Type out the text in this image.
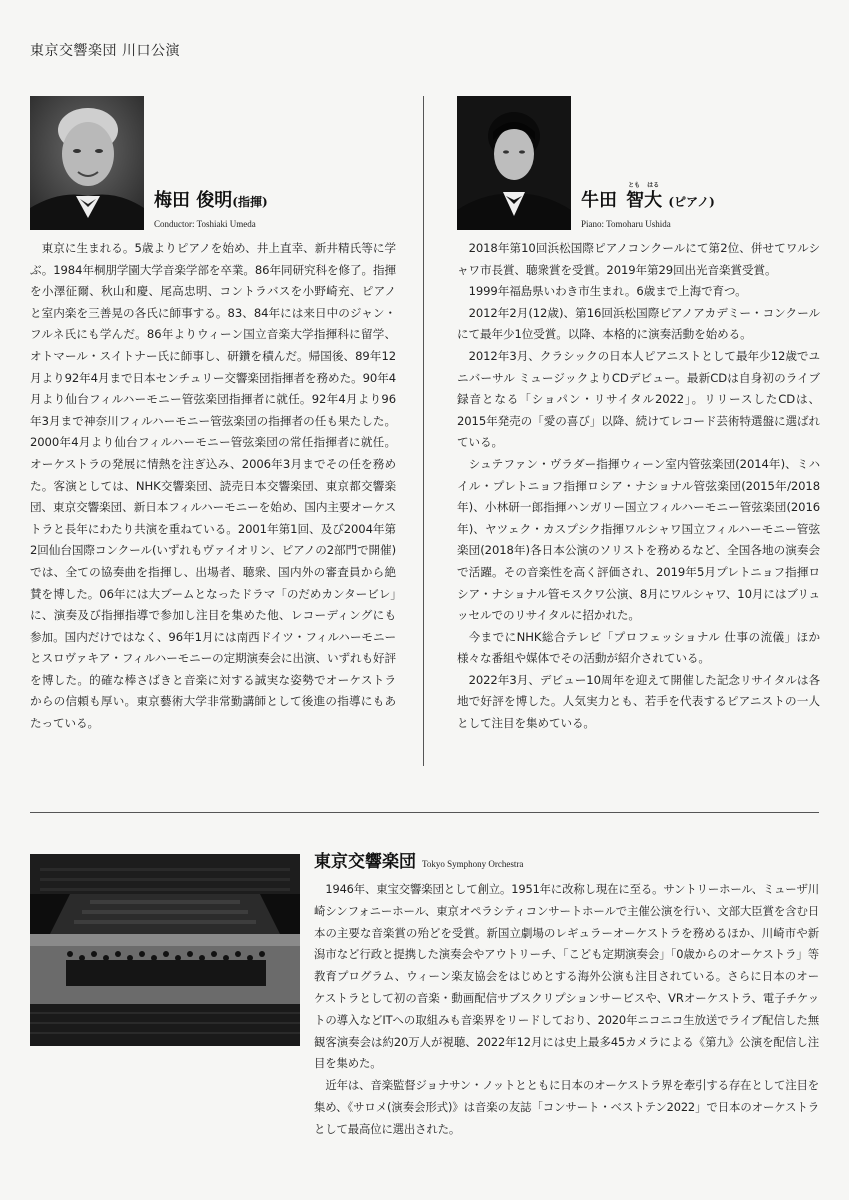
東京交響楽団 川口公演
梅田 俊明(指揮)
Conductor: Toshiaki Umeda

東京に生まれる。5歳よりピアノを始め、井上直幸、新井精氏等に学ぶ。1984年桐朋学園大学音楽学部を卒業。86年同研究科を修了。指揮を小澤征爾、秋山和慶、尾高忠明、コントラバスを小野崎充、ピアノと室内楽を三善晃の各氏に師事する。83、84年には来日中のジャン・フルネ氏にも学んだ。86年よりウィーン国立音楽大学指揮科に留学、オトマール・スイトナー氏に師事し、研鑽を積んだ。帰国後、89年12月より92年4月まで日本センチュリー交響楽団指揮者を務めた。90年4月より仙台フィルハーモニー管弦楽団指揮者に就任。92年4月より96年3月まで神奈川フィルハーモニー管弦楽団の指揮者の任も果たした。2000年4月より仙台フィルハーモニー管弦楽団の常任指揮者に就任。オーケストラの発展に情熱を注ぎ込み、2006年3月までその任を務めた。客演としては、NHK交響楽団、読売日本交響楽団、東京都交響楽団、東京交響楽団、新日本フィルハーモニーを始め、国内主要オーケストラと長年にわたり共演を重ねている。2001年第1回、及び2004年第2回仙台国際コンクール(いずれもヴァイオリン、ピアノの2部門で開催)では、全ての協奏曲を指揮し、出場者、聴衆、国内外の審査員から絶賛を博した。06年には大ブームとなったドラマ「のだめカンタービレ」に、演奏及び指揮指導で参加し注目を集めた他、レコーディングにも参加。国内だけではなく、96年1月には南西ドイツ・フィルハーモニーとスロヴァキア・フィルハーモニーの定期演奏会に出演、いずれも好評を博した。的確な棒さばきと音楽に対する誠実な姿勢でオーケストラからの信頼も厚い。東京藝術大学非常勤講師として後進の指導にもあたっている。

牛田
とも はる
智大 (ピアノ)
Piano: Tomoharu Ushida

2018年第10回浜松国際ピアノコンクールにて第2位、併せてワルシャワ市長賞、聴衆賞を受賞。2019年第29回出光音楽賞受賞。

1999年福島県いわき市生まれ。6歳まで上海で育つ。

2012年2月(12歳)、第16回浜松国際ピアノアカデミー・コンクールにて最年少1位受賞。以降、本格的に演奏活動を始める。

2012年3月、クラシックの日本人ピアニストとして最年少12歳でユニバーサル ミュージックよりCDデビュー。最新CDは自身初のライブ録音となる「ショパン・リサイタル2022」。リリースしたCDは、2015年発売の「愛の喜び」以降、続けてレコード芸術特選盤に選ばれている。

シュテファン・ヴラダー指揮ウィーン室内管弦楽団(2014年)、ミハイル・プレトニョフ指揮ロシア・ナショナル管弦楽団(2015年/2018年)、小林研一郎指揮ハンガリー国立フィルハーモニー管弦楽団(2016年)、ヤツェク・カスプシク指揮ワルシャワ国立フィルハーモニー管弦楽団(2018年)各日本公演のソリストを務めるなど、全国各地の演奏会で活躍。その音楽性を高く評価され、2019年5月プレトニョフ指揮ロシア・ナショナル管モスクワ公演、8月にワルシャワ、10月にはブリュッセルでのリサイタルに招かれた。

今までにNHK総合テレビ「プロフェッショナル 仕事の流儀」ほか様々な番組や媒体でその活動が紹介されている。

2022年3月、デビュー10周年を迎えて開催した記念リサイタルは各地で好評を博した。人気実力とも、若手を代表するピアニストの一人として注目を集めている。

東京交響楽団 Tokyo Symphony Orchestra

1946年、東宝交響楽団として創立。1951年に改称し現在に至る。サントリーホール、ミューザ川崎シンフォニーホール、東京オペラシティコンサートホールで主催公演を行い、文部大臣賞を含む日本の主要な音楽賞の殆どを受賞。新国立劇場のレギュラーオーケストラを務めるほか、川崎市や新潟市など行政と提携した演奏会やアウトリーチ、「こども定期演奏会」「0歳からのオーケストラ」等教育プログラム、ウィーン楽友協会をはじめとする海外公演も注目されている。さらに日本のオーケストラとして初の音楽・動画配信サブスクリプションサービスや、VRオーケストラ、電子チケットの導入などITへの取組みも音楽界をリードしており、2020年ニコニコ生放送でライブ配信した無観客演奏会は約20万人が視聴、2022年12月には史上最多45カメラによる《第九》公演を配信し注目を集めた。

近年は、音楽監督ジョナサン・ノットとともに日本のオーケストラ界を牽引する存在として注目を集め、《サロメ(演奏会形式)》は音楽の友誌「コンサート・ベストテン2022」で日本のオーケストラとして最高位に選出された。
